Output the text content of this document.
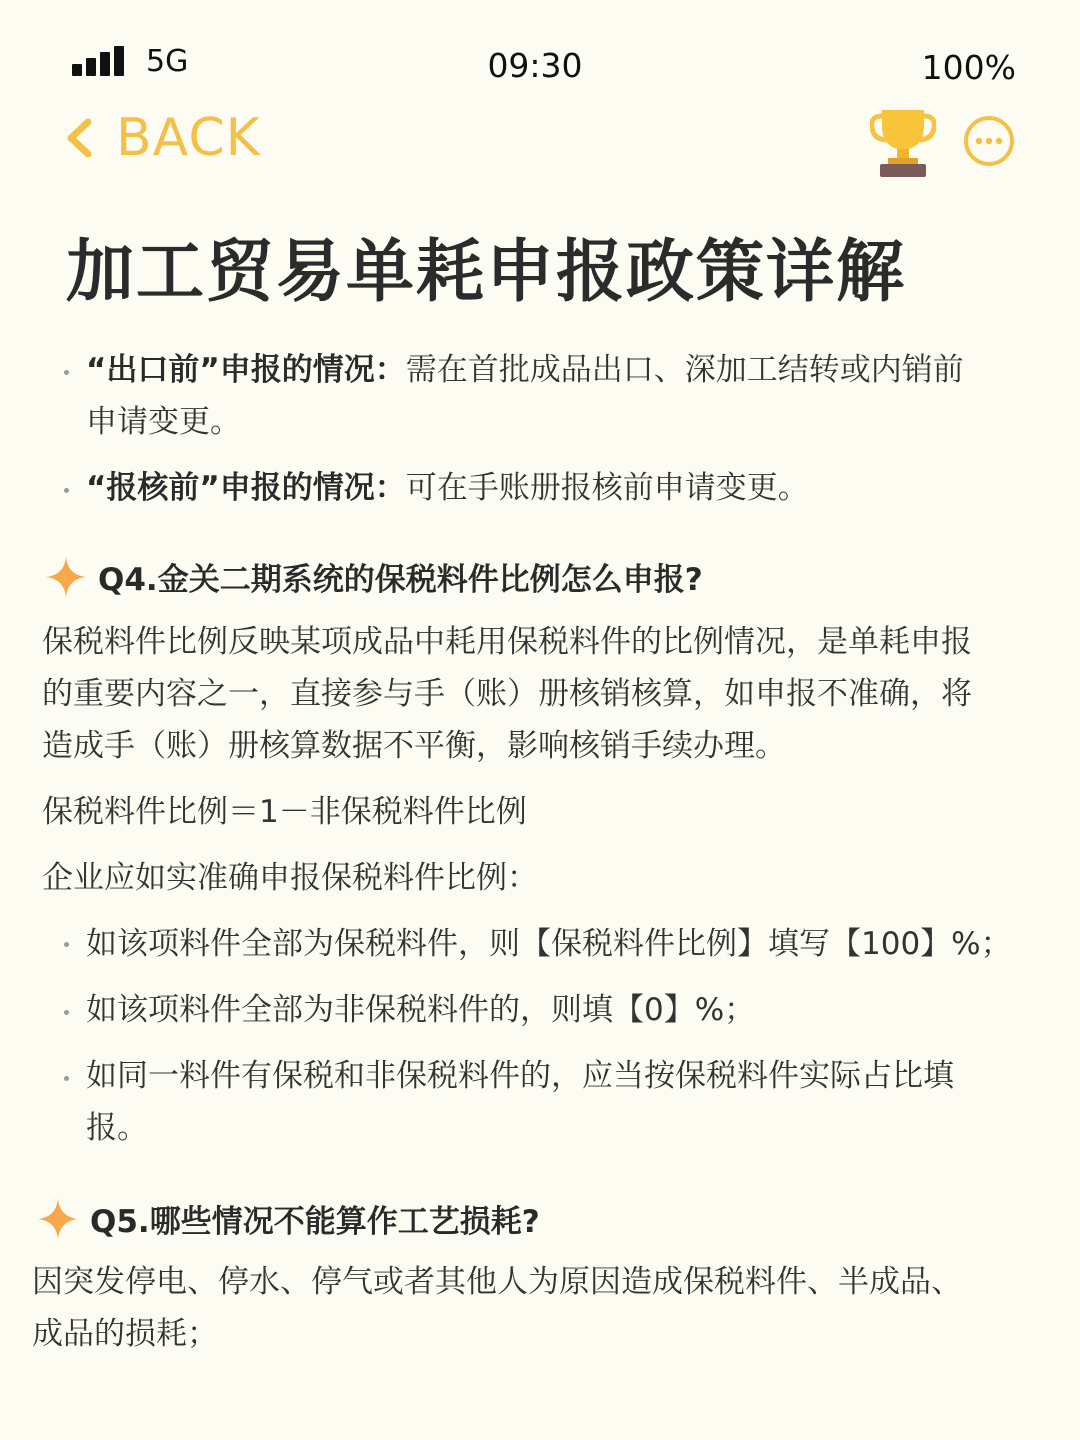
5G	09:30	100%
BACK
加工贸易单耗申报政策详解
“出口前”申报的情况：需在首批成品出口、深加工结转或内销前
申请变更。
“报核前”申报的情况：可在手账册报核前申请变更。
Q4.金关二期系统的保税料件比例怎么申报?
保税料件比例反映某项成品中耗用保税料件的比例情况，是单耗申报
的重要内容之一，直接参与手（账）册核销核算，如申报不准确，将
造成手（账）册核算数据不平衡，影响核销手续办理。
保税料件比例＝1－非保税料件比例
企业应如实准确申报保税料件比例：
如该项料件全部为保税料件，则【保税料件比例】填写【100】%；
如该项料件全部为非保税料件的，则填【0】%；
如同一料件有保税和非保税料件的，应当按保税料件实际占比填
报。
Q5.哪些情况不能算作工艺损耗?
因突发停电、停水、停气或者其他人为原因造成保税料件、半成品、
成品的损耗；
